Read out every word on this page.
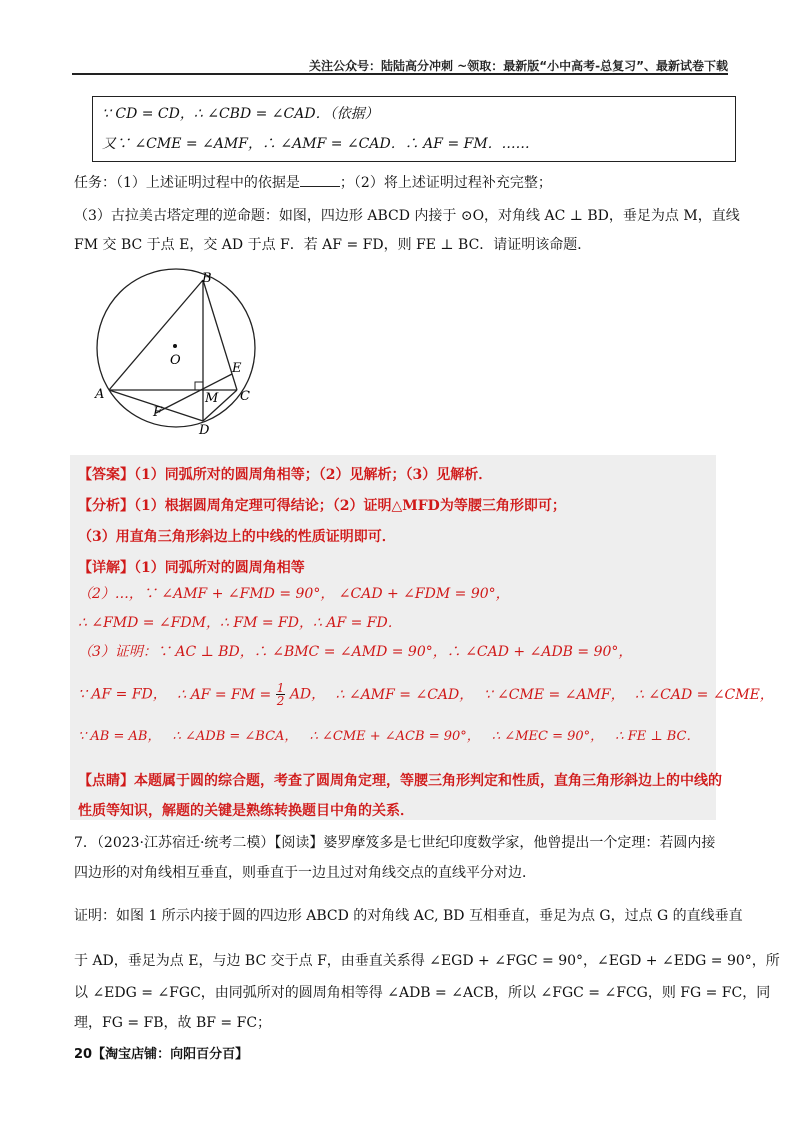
关注公众号：陆陆高分冲刺 ~领取：最新版“小中高考-总复习”、最新试卷下载
∵ CD = CD，∴ ∠CBD = ∠CAD．（依据）
又∵ ∠CME = ∠AMF，∴ ∠AMF = ∠CAD．∴ AF = FM．……
任务：（1）上述证明过程中的依据是	；（2）将上述证明过程补充完整；
（3）古拉美古塔定理的逆命题：如图，四边形 ABCD 内接于 ⊙O，对角线 AC ⊥ BD，垂足为点 M，直线
FM 交 BC 于点 E，交 AD 于点 F．若 AF = FD，则 FE ⊥ BC．请证明该命题．
B
O
E
A	M C
F
D
【答案】（1）同弧所对的圆周角相等；（2）见解析；（3）见解析．
【分析】（1）根据圆周角定理可得结论；（2）证明△MFD为等腰三角形即可；
（3）用直角三角形斜边上的中线的性质证明即可．
【详解】（1）同弧所对的圆周角相等
（2）…，∵ ∠AMF + ∠FMD = 90°， ∠CAD + ∠FDM = 90°，
∴ ∠FMD = ∠FDM，∴ FM = FD，∴ AF = FD．
（3）证明：∵ AC ⊥ BD，∴ ∠BMC = ∠AMD = 90°，∴ ∠CAD + ∠ADB = 90°，
∵ AF = FD， ∴ AF = FM = $\frac{1}{2}$ AD， ∴ ∠AMF = ∠CAD， ∵ ∠CME = ∠AMF， ∴ ∠CAD = ∠CME，
∵ AB = AB， ∴ ∠ADB = ∠BCA， ∴ ∠CME + ∠ACB = 90°， ∴ ∠MEC = 90°， ∴ FE ⊥ BC．
【点睛】本题属于圆的综合题，考查了圆周角定理，等腰三角形判定和性质，直角三角形斜边上的中线的
性质等知识，解题的关键是熟练转换题目中角的关系．
7．（2023·江苏宿迁·统考二模）【阅读】婆罗摩笈多是七世纪印度数学家，他曾提出一个定理：若圆内接
四边形的对角线相互垂直，则垂直于一边且过对角线交点的直线平分对边．
证明：如图 1 所示内接于圆的四边形 ABCD 的对角线 AC, BD 互相垂直，垂足为点 G，过点 G 的直线垂直
于 AD，垂足为点 E，与边 BC 交于点 F，由垂直关系得 ∠EGD + ∠FGC = 90°，∠EGD + ∠EDG = 90°，所
以 ∠EDG = ∠FGC，由同弧所对的圆周角相等得 ∠ADB = ∠ACB，所以 ∠FGC = ∠FCG，则 FG = FC，同
理，FG = FB，故 BF = FC；
20【淘宝店铺：向阳百分百】
